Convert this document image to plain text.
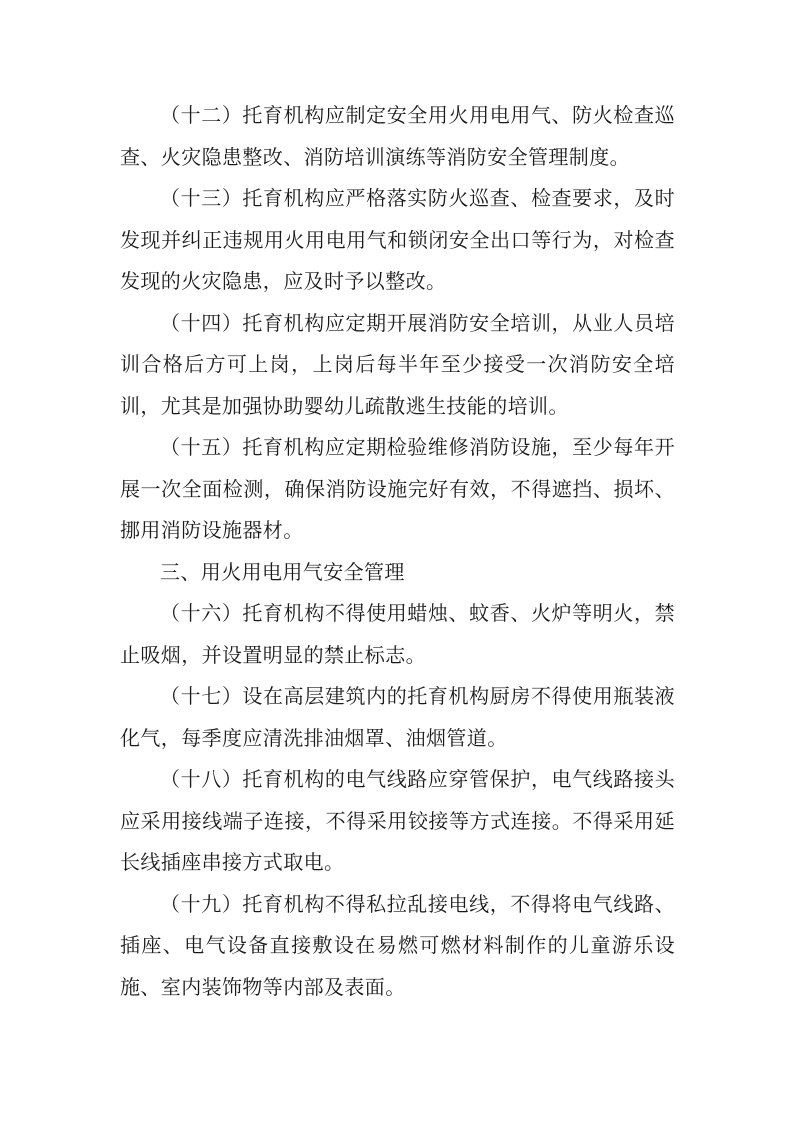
（十二）托育机构应制定安全用火用电用气、防火检查巡查、火灾隐患整改、消防培训演练等消防安全管理制度。

（十三）托育机构应严格落实防火巡查、检查要求，及时发现并纠正违规用火用电用气和锁闭安全出口等行为，对检查发现的火灾隐患，应及时予以整改。

（十四）托育机构应定期开展消防安全培训，从业人员培训合格后方可上岗，上岗后每半年至少接受一次消防安全培训，尤其是加强协助婴幼儿疏散逃生技能的培训。

（十五）托育机构应定期检验维修消防设施，至少每年开展一次全面检测，确保消防设施完好有效，不得遮挡、损坏、挪用消防设施器材。

三、用火用电用气安全管理

（十六）托育机构不得使用蜡烛、蚊香、火炉等明火，禁止吸烟，并设置明显的禁止标志。

（十七）设在高层建筑内的托育机构厨房不得使用瓶装液化气，每季度应清洗排油烟罩、油烟管道。

（十八）托育机构的电气线路应穿管保护，电气线路接头应采用接线端子连接，不得采用铰接等方式连接。不得采用延长线插座串接方式取电。

（十九）托育机构不得私拉乱接电线，不得将电气线路、插座、电气设备直接敷设在易燃可燃材料制作的儿童游乐设施、室内装饰物等内部及表面。
